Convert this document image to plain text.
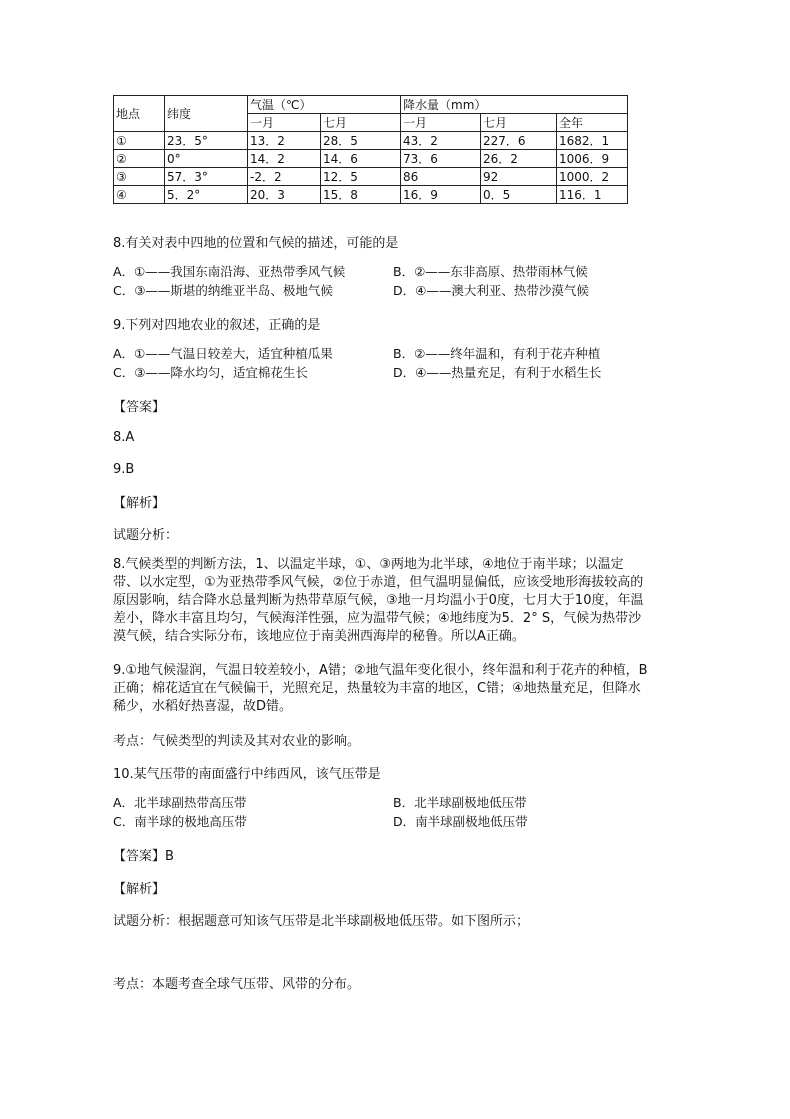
地点	纬度	气温（℃）		降水量（mm）		
		一月	七月	一月	七月	全年
①	23．5°	13．2	28．5	43．2	227．6	1682．1
②	0°	14．2	14．6	73．6	26．2	1006．9
③	57．3°	-2．2	12．5	86	92	1000．2
④	5．2°	20．3	15．8	16．9	0．5	116．1
8.有关对表中四地的位置和气候的描述，可能的是
A．①——我国东南沿海、亚热带季风气候	B．②——东非高原、热带雨林气候
C．③——斯堪的纳维亚半岛、极地气候	D．④——澳大利亚、热带沙漠气候
9.下列对四地农业的叙述，正确的是
A．①——气温日较差大，适宜种植瓜果	B．②——终年温和，有利于花卉种植
C．③——降水均匀，适宜棉花生长	D．④——热量充足，有利于水稻生长
【答案】
8.A
9.B
【解析】
试题分析：
8.气候类型的判断方法，1、以温定半球，①、③两地为北半球，④地位于南半球；以温定带、以水定型，①为亚热带季风气候，②位于赤道，但气温明显偏低，应该受地形海拔较高的原因影响，结合降水总量判断为热带草原气候，③地一月均温小于0度，七月大于10度，年温差小，降水丰富且均匀，气候海洋性强，应为温带气候；④地纬度为5．2° S，气候为热带沙漠气候，结合实际分布，该地应位于南美洲西海岸的秘鲁。所以A正确。
9.①地气候湿润，气温日较差较小，A错；②地气温年变化很小，终年温和利于花卉的种植，B正确；棉花适宜在气候偏干，光照充足，热量较为丰富的地区，C错；④地热量充足，但降水稀少，水稻好热喜湿，故D错。
考点：气候类型的判读及其对农业的影响。
10.某气压带的南面盛行中纬西风，该气压带是
A．北半球副热带高压带	B．北半球副极地低压带
C．南半球的极地高压带	D．南半球副极地低压带
【答案】B
【解析】
试题分析：根据题意可知该气压带是北半球副极地低压带。如下图所示；
考点：本题考查全球气压带、风带的分布。
